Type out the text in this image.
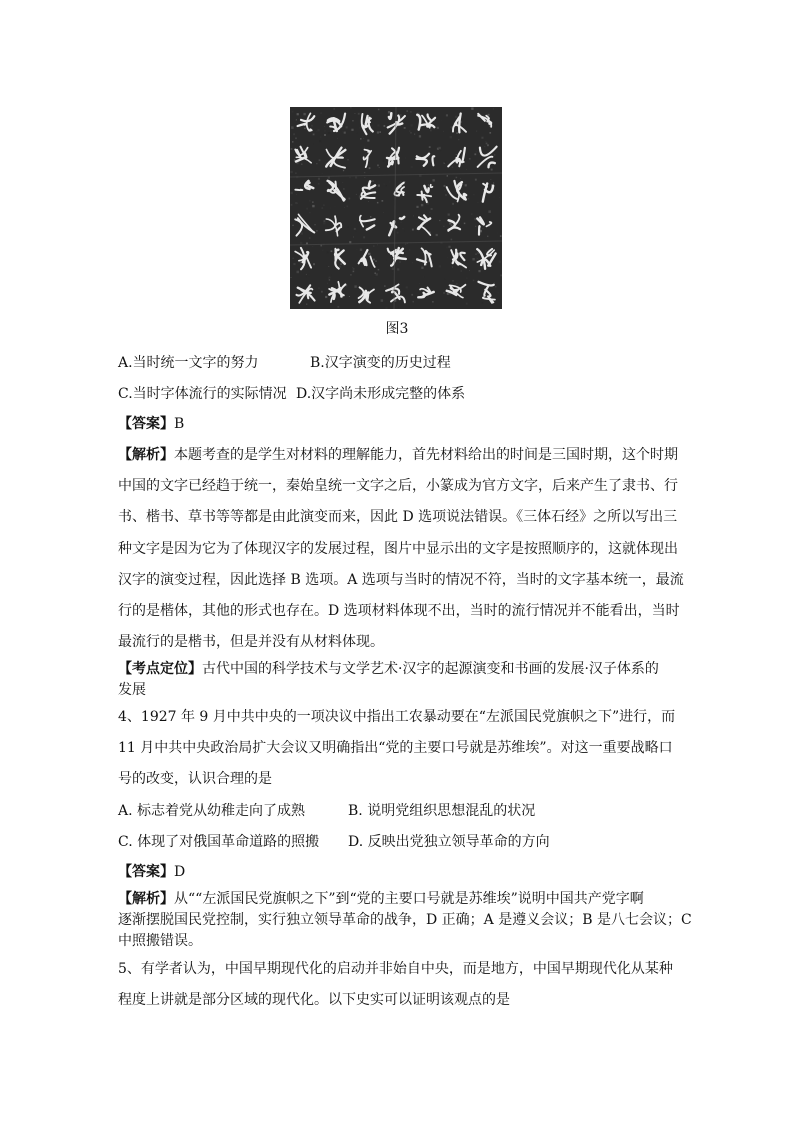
图3
A.当时统一文字的努力	B.汉字演变的历史过程
C.当时字体流行的实际情况 D.汉字尚未形成完整的体系
【答案】B
【解析】本题考查的是学生对材料的理解能力，首先材料给出的时间是三国时期，这个时期
中国的文字已经趋于统一，秦始皇统一文字之后，小篆成为官方文字，后来产生了隶书、行
书、楷书、草书等等都是由此演变而来，因此 D 选项说法错误。《三体石经》之所以写出三
种文字是因为它为了体现汉字的发展过程，图片中显示出的文字是按照顺序的，这就体现出
汉字的演变过程，因此选择 B 选项。A 选项与当时的情况不符，当时的文字基本统一，最流
行的是楷体，其他的形式也存在。D 选项材料体现不出，当时的流行情况并不能看出，当时
最流行的是楷书，但是并没有从材料体现。
【考点定位】古代中国的科学技术与文学艺术·汉字的起源演变和书画的发展·汉子体系的
发展
4、1927 年 9 月中共中央的一项决议中指出工农暴动要在“左派国民党旗帜之下”进行，而
11 月中共中央政治局扩大会议又明确指出“党的主要口号就是苏维埃”。对这一重要战略口
号的改变，认识合理的是
A. 标志着党从幼稚走向了成熟	B. 说明党组织思想混乱的状况
C. 体现了对俄国革命道路的照搬 D. 反映出党独立领导革命的方向
【答案】D
【解析】从““左派国民党旗帜之下”到“党的主要口号就是苏维埃”说明中国共产党字啊
逐渐摆脱国民党控制，实行独立领导革命的战争，D 正确；A 是遵义会议；B 是八七会议；C
中照搬错误。
5、有学者认为，中国早期现代化的启动并非始自中央，而是地方，中国早期现代化从某种
程度上讲就是部分区域的现代化。以下史实可以证明该观点的是
